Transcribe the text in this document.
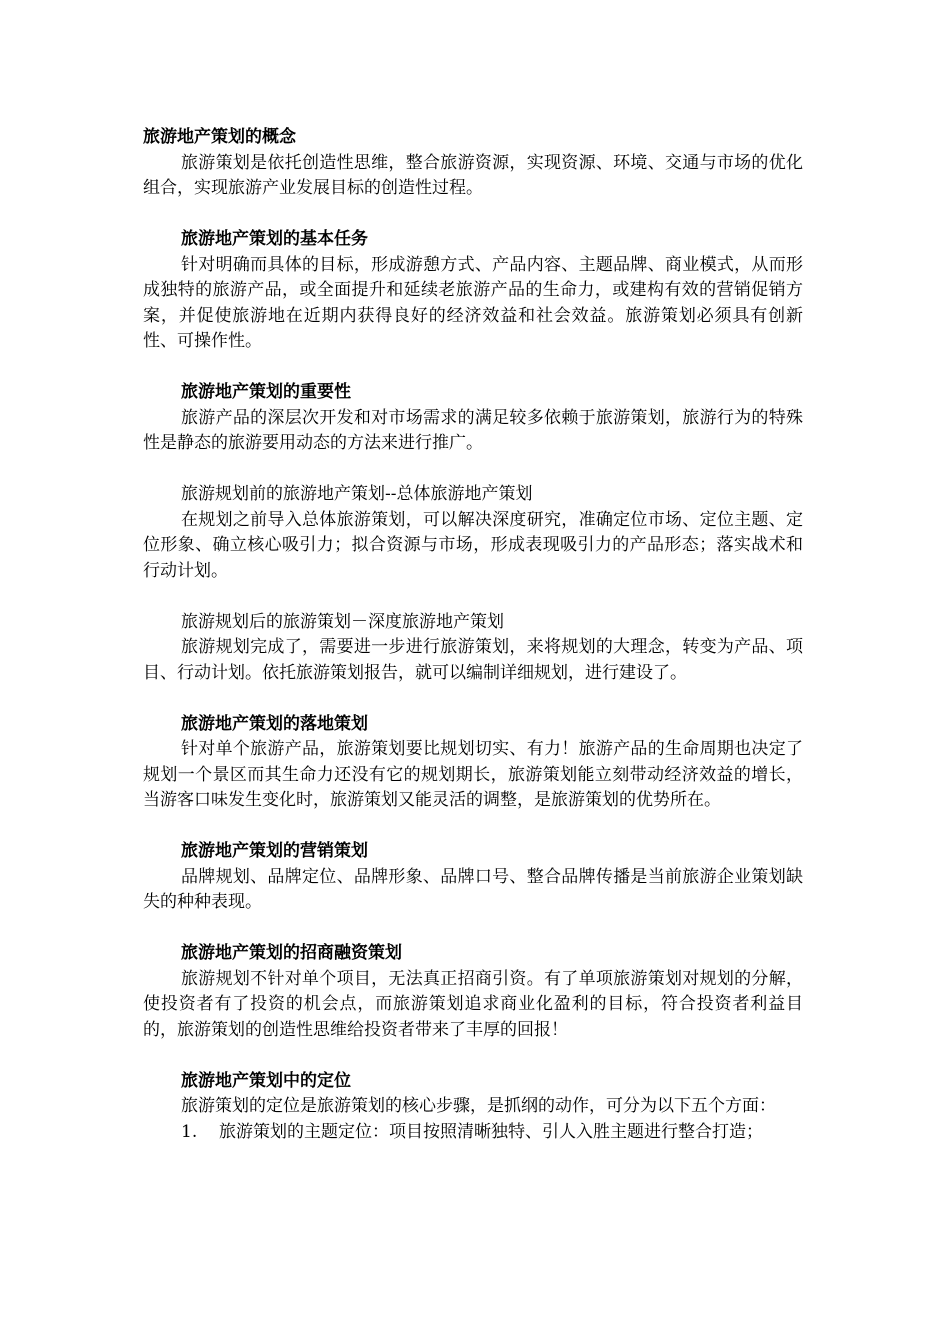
旅游地产策划的概念

旅游策划是依托创造性思维，整合旅游资源，实现资源、环境、交通与市场的优化组合，实现旅游产业发展目标的创造性过程。

旅游地产策划的基本任务

针对明确而具体的目标，形成游憩方式、产品内容、主题品牌、商业模式，从而形成独特的旅游产品，或全面提升和延续老旅游产品的生命力，或建构有效的营销促销方案，并促使旅游地在近期内获得良好的经济效益和社会效益。旅游策划必须具有创新性、可操作性。

旅游地产策划的重要性

旅游产品的深层次开发和对市场需求的满足较多依赖于旅游策划，旅游行为的特殊性是静态的旅游要用动态的方法来进行推广。

旅游规划前的旅游地产策划--总体旅游地产策划

在规划之前导入总体旅游策划，可以解决深度研究，准确定位市场、定位主题、定位形象、确立核心吸引力；拟合资源与市场，形成表现吸引力的产品形态；落实战术和行动计划。

旅游规划后的旅游策划－深度旅游地产策划

旅游规划完成了，需要进一步进行旅游策划，来将规划的大理念，转变为产品、项目、行动计划。依托旅游策划报告，就可以编制详细规划，进行建设了。

旅游地产策划的落地策划

针对单个旅游产品，旅游策划要比规划切实、有力！旅游产品的生命周期也决定了规划一个景区而其生命力还没有它的规划期长，旅游策划能立刻带动经济效益的增长，当游客口味发生变化时，旅游策划又能灵活的调整，是旅游策划的优势所在。

旅游地产策划的营销策划

品牌规划、品牌定位、品牌形象、品牌口号、整合品牌传播是当前旅游企业策划缺失的种种表现。

旅游地产策划的招商融资策划

旅游规划不针对单个项目，无法真正招商引资。有了单项旅游策划对规划的分解，使投资者有了投资的机会点，而旅游策划追求商业化盈利的目标，符合投资者利益目的，旅游策划的创造性思维给投资者带来了丰厚的回报！

旅游地产策划中的定位

旅游策划的定位是旅游策划的核心步骤，是抓纲的动作，可分为以下五个方面：

1. 旅游策划的主题定位：项目按照清晰独特、引人入胜主题进行整合打造；
